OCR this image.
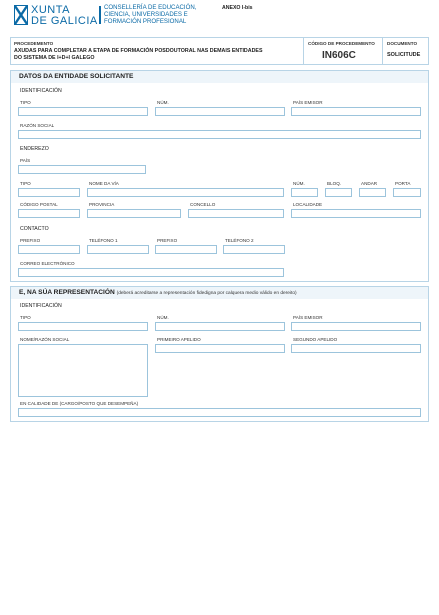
XUNTA
DE GALICIA
CONSELLERÍA DE EDUCACIÓN,
CIENCIA, UNIVERSIDADES E
FORMACIÓN PROFESIONAL
ANEXO I-bis
PROCEDEMENTO
AXUDAS PARA COMPLETAR A ETAPA DE FORMACIÓN POSDOUTORAL NAS DEMAIS ENTIDADES
DO SISTEMA DE I+D+I GALEGO
CÓDIGO DE PROCEDEMENTO
IN606C
DOCUMENTO
SOLICITUDE
DATOS DA ENTIDADE SOLICITANTE
IDENTIFICACIÓN
TIPO	NÚM.	PAÍS EMISOR
RAZÓN SOCIAL
ENDEREZO
PAÍS
TIPO	NOME DA VÍA	NÚM.	BLOQ.	ANDAR	PORTA
CÓDIGO POSTAL	PROVINCIA	CONCELLO	LOCALIDADE
CONTACTO
PREFIXO	TELÉFONO 1	PREFIXO	TELÉFONO 2
CORREO ELECTRÓNICO
E, NA SÚA REPRESENTACIÓN (deberá acreditarse a representación fidedigna por calquera medio válido en dereito)
IDENTIFICACIÓN
TIPO	NÚM.	PAÍS EMISOR
NOME/RAZÓN SOCIAL	PRIMEIRO APELIDO	SEGUNDO APELIDO
EN CALIDADE DE (CARGO/POSTO QUE DESEMPEÑA)
